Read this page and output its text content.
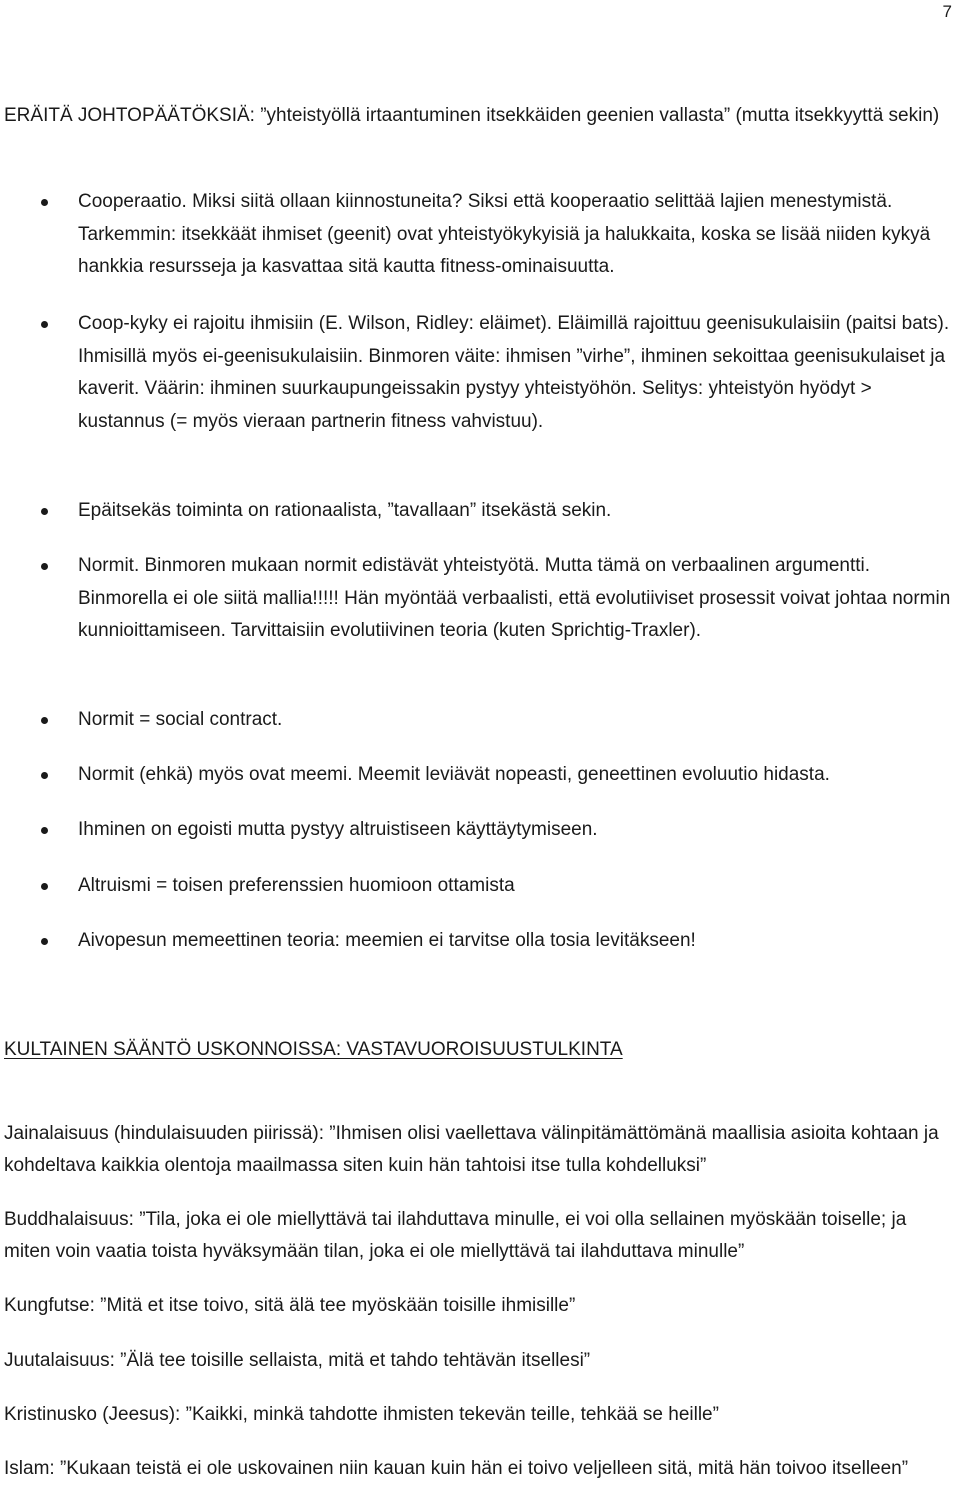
7
ERÄITÄ JOHTOPÄÄTÖKSIÄ: ”yhteistyöllä irtaantuminen itsekkäiden geenien vallasta” (mutta itsekkyyttä sekin)
Cooperaatio. Miksi siitä ollaan kiinnostuneita? Siksi että kooperaatio selittää lajien menestymistä. Tarkemmin: itsekkäät ihmiset (geenit) ovat yhteistyökykyisiä ja halukkaita, koska se lisää niiden kykyä hankkia resursseja ja kasvattaa sitä kautta fitness-ominaisuutta.
Coop-kyky ei rajoitu ihmisiin (E. Wilson, Ridley: eläimet). Eläimillä rajoittuu geenisukulaisiin (paitsi bats). Ihmisillä myös ei-geenisukulaisiin. Binmoren väite: ihmisen ”virhe”, ihminen sekoittaa geenisukulaiset ja kaverit. Väärin: ihminen suurkaupungeissakin pystyy yhteistyöhön. Selitys: yhteistyön hyödyt > kustannus (= myös vieraan partnerin fitness vahvistuu).
Epäitsekäs toiminta on rationaalista, ”tavallaan” itsekästä sekin.
Normit. Binmoren mukaan normit edistävät yhteistyötä. Mutta tämä on verbaalinen argumentti. Binmorella ei ole siitä mallia!!!!! Hän myöntää verbaalisti, että evolutiiviset prosessit voivat johtaa normin kunnioittamiseen. Tarvittaisiin evolutiivinen teoria (kuten Sprichtig-Traxler).
Normit = social contract.
Normit (ehkä) myös ovat meemi. Meemit leviävät nopeasti, geneettinen evoluutio hidasta.
Ihminen on egoisti mutta pystyy altruistiseen käyttäytymiseen.
Altruismi = toisen preferenssien huomioon ottamista
Aivopesun memeettinen teoria: meemien ei tarvitse olla tosia levitäkseen!
KULTAINEN SÄÄNTÖ USKONNOISSA: VASTAVUOROISUUSTULKINTA
Jainalaisuus (hindulaisuuden piirissä): ”Ihmisen olisi vaellettava välinpitämättömänä maallisia asioita kohtaan ja kohdeltava kaikkia olentoja maailmassa siten kuin hän tahtoisi itse tulla kohdelluksi”
Buddhalaisuus: ”Tila, joka ei ole miellyttävä tai ilahduttava minulle, ei voi olla sellainen myöskään toiselle; ja miten voin vaatia toista hyväksymään tilan, joka ei ole miellyttävä tai ilahduttava minulle”
Kungfutse: ”Mitä et itse toivo, sitä älä tee myöskään toisille ihmisille”
Juutalaisuus: ”Älä tee toisille sellaista, mitä et tahdo tehtävän itsellesi”
Kristinusko (Jeesus): ”Kaikki, minkä tahdotte ihmisten tekevän teille, tehkää se heille”
Islam: ”Kukaan teistä ei ole uskovainen niin kauan kuin hän ei toivo veljelleen sitä, mitä hän toivoo itselleen”
